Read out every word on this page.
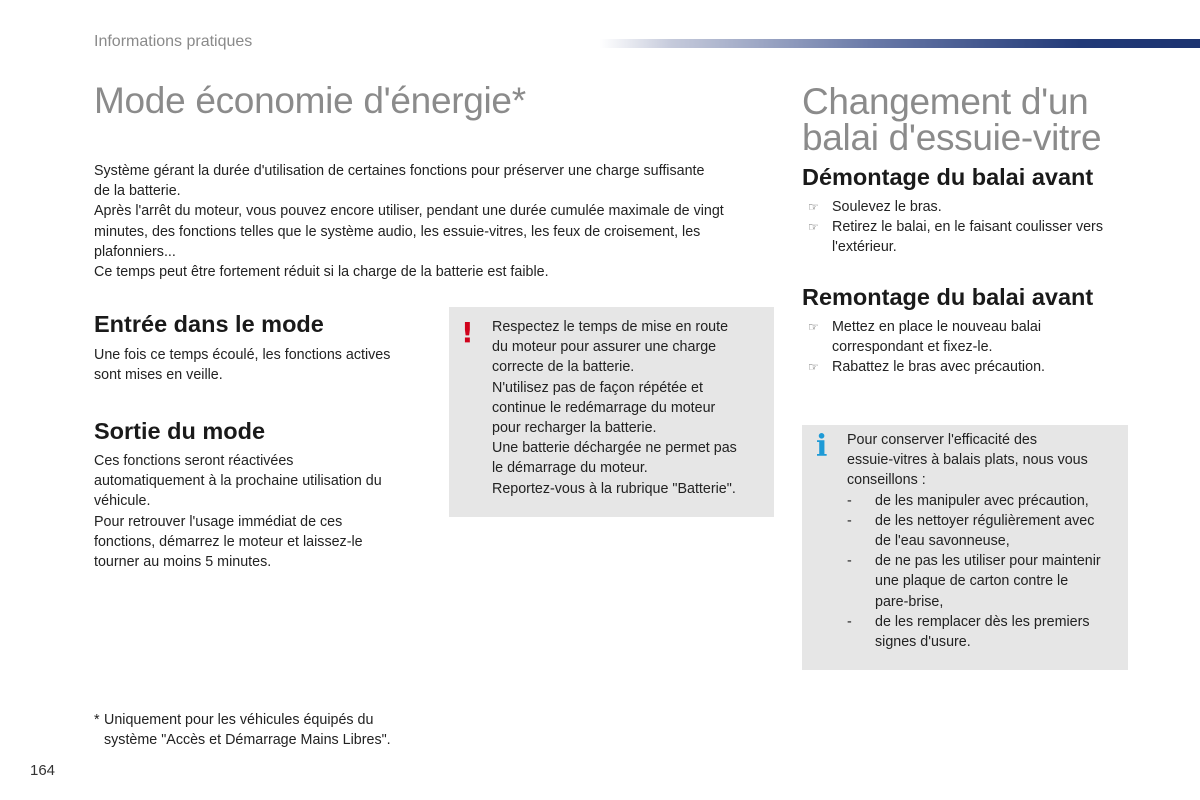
Informations pratiques
Mode économie d'énergie*	Changement d'un
balai d'essuie-vitre
Système gérant la durée d'utilisation de certaines fonctions pour préserver une charge suffisante
de la batterie.
Après l'arrêt du moteur, vous pouvez encore utiliser, pendant une durée cumulée maximale de vingt
minutes, des fonctions telles que le système audio, les essuie-vitres, les feux de croisement, les
plafonniers...
Ce temps peut être fortement réduit si la charge de la batterie est faible.
Entrée dans le mode
Une fois ce temps écoulé, les fonctions actives
sont mises en veille.
Sortie du mode
Ces fonctions seront réactivées
automatiquement à la prochaine utilisation du
véhicule.
Pour retrouver l'usage immédiat de ces
fonctions, démarrez le moteur et laissez-le
tourner au moins 5 minutes.
! Respectez le temps de mise en route
du moteur pour assurer une charge
correcte de la batterie.
N'utilisez pas de façon répétée et
continue le redémarrage du moteur
pour recharger la batterie.
Une batterie déchargée ne permet pas
le démarrage du moteur.
Reportez-vous à la rubrique "Batterie".
Démontage du balai avant
☞ Soulevez le bras.
☞ Retirez le balai, en le faisant coulisser vers
l'extérieur.
Remontage du balai avant
☞ Mettez en place le nouveau balai
correspondant et fixez-le.
☞ Rabattez le bras avec précaution.
i Pour conserver l'efficacité des
essuie-vitres à balais plats, nous vous
conseillons :
- de les manipuler avec précaution,
- de les nettoyer régulièrement avec
de l'eau savonneuse,
- de ne pas les utiliser pour maintenir
une plaque de carton contre le
pare-brise,
- de les remplacer dès les premiers
signes d'usure.
* Uniquement pour les véhicules équipés du
système "Accès et Démarrage Mains Libres".
164
